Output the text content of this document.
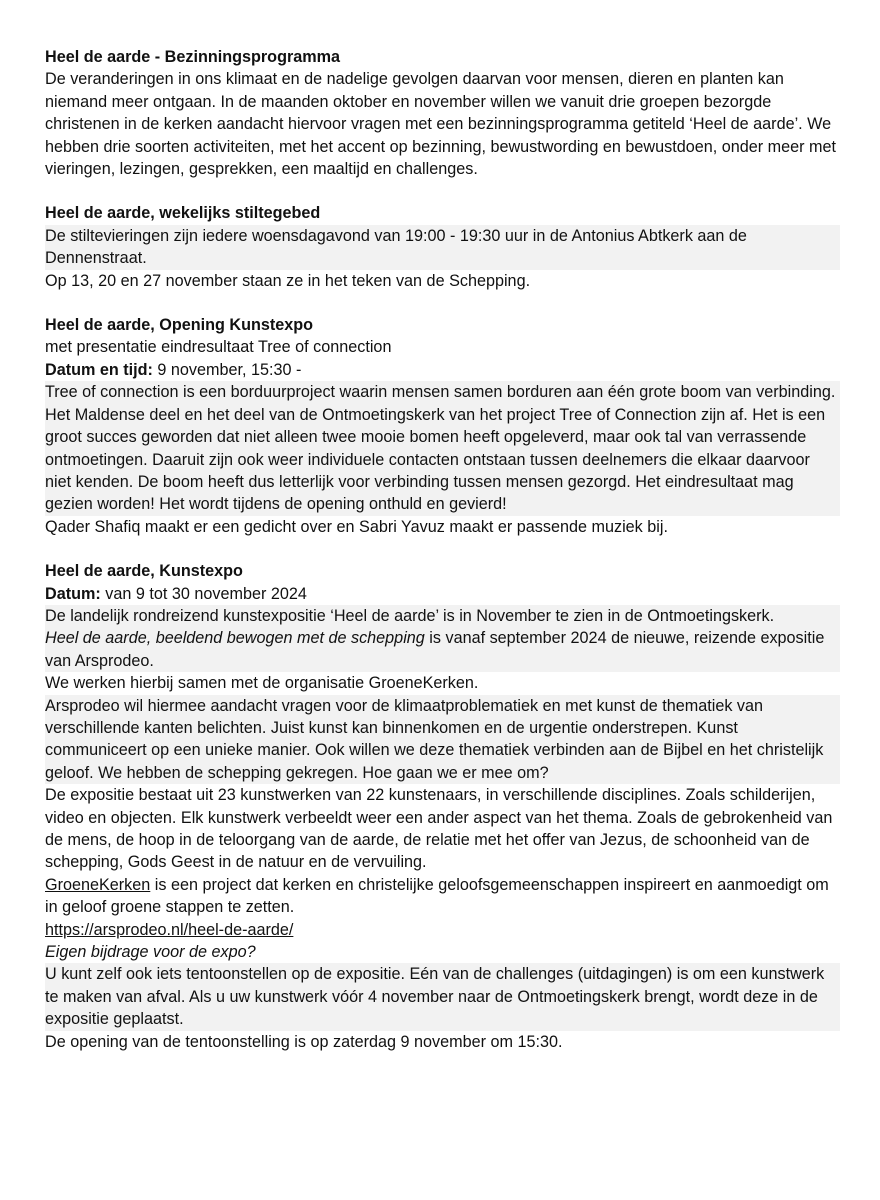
Heel de aarde - Bezinningsprogramma
De veranderingen in ons klimaat en de nadelige gevolgen daarvan voor mensen, dieren en planten kan niemand meer ontgaan. In de maanden oktober en november willen we vanuit drie groepen bezorgde christenen in de kerken aandacht hiervoor vragen met een bezinningsprogramma getiteld ‘Heel de aarde’. We hebben drie soorten activiteiten, met het accent op bezinning, bewustwording en bewustdoen, onder meer met vieringen, lezingen, gesprekken, een maaltijd en challenges.
Heel de aarde, wekelijks stiltegebed
De stiltevieringen zijn iedere woensdagavond van 19:00 - 19:30 uur in de Antonius Abtkerk aan de Dennenstraat.
Op 13, 20 en 27 november staan ze in het teken van de Schepping.
Heel de aarde, Opening Kunstexpo
met presentatie eindresultaat Tree of connection
Datum en tijd: 9 november, 15:30 -
Tree of connection is een borduurproject waarin mensen samen borduren aan één grote boom van verbinding. Het Maldense deel en het deel van de Ontmoetingskerk van het project Tree of Connection zijn af. Het is een groot succes geworden dat niet alleen twee mooie bomen heeft opgeleverd, maar ook tal van verrassende ontmoetingen. Daaruit zijn ook weer individuele contacten ontstaan tussen deelnemers die elkaar daarvoor niet kenden. De boom heeft dus letterlijk voor verbinding tussen mensen gezorgd. Het eindresultaat mag gezien worden! Het wordt tijdens de opening onthuld en gevierd!
Qader Shafiq maakt er een gedicht over en Sabri Yavuz maakt er passende muziek bij.
Heel de aarde, Kunstexpo
Datum: van 9 tot 30 november 2024
De landelijk rondreizend kunstexpositie ‘Heel de aarde’ is in November te zien in de Ontmoetingskerk.
Heel de aarde, beeldend bewogen met de schepping is vanaf september 2024 de nieuwe, reizende expositie van Arsprodeo.
We werken hierbij samen met de organisatie GroeneKerken.
Arsprodeo wil hiermee aandacht vragen voor de klimaatproblematiek en met kunst de thematiek van verschillende kanten belichten. Juist kunst kan binnenkomen en de urgentie onderstrepen. Kunst communiceert op een unieke manier. Ook willen we deze thematiek verbinden aan de Bijbel en het christelijk geloof. We hebben de schepping gekregen. Hoe gaan we er mee om?
De expositie bestaat uit 23 kunstwerken van 22 kunstenaars, in verschillende disciplines. Zoals schilderijen, video en objecten. Elk kunstwerk verbeeldt weer een ander aspect van het thema. Zoals de gebrokenheid van de mens, de hoop in de teloorgang van de aarde, de relatie met het offer van Jezus, de schoonheid van de schepping, Gods Geest in de natuur en de vervuiling.
GroeneKerken is een project dat kerken en christelijke geloofsgemeenschappen inspireert en aanmoedigt om in geloof groene stappen te zetten.
https://arsprodeo.nl/heel-de-aarde/
Eigen bijdrage voor de expo?
U kunt zelf ook iets tentoonstellen op de expositie. Eén van de challenges (uitdagingen) is om een kunstwerk te maken van afval. Als u uw kunstwerk vóór 4 november naar de Ontmoetingskerk brengt, wordt deze in de expositie geplaatst.
De opening van de tentoonstelling is op zaterdag 9 november om 15:30.
